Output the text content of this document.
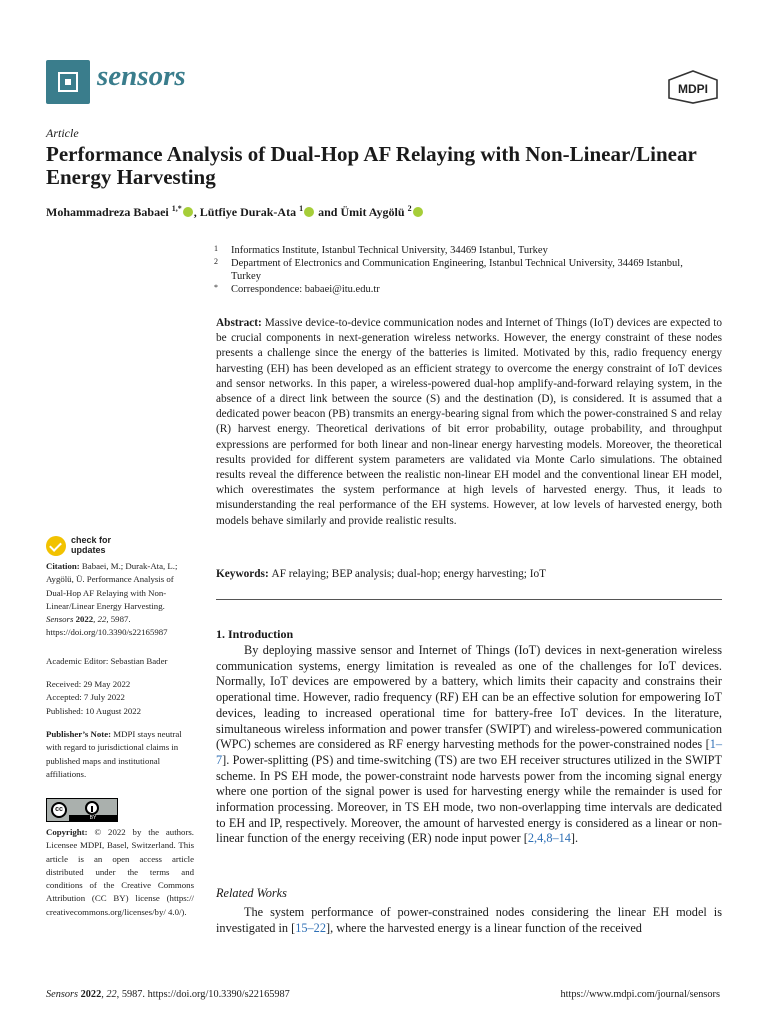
sensors	MDPI
Article
Performance Analysis of Dual-Hop AF Relaying with Non-Linear/Linear Energy Harvesting
Mohammadreza Babaei $^{1,*}$ , Lütfiye Durak-Ata $^1$ and Ümit Aygölü $^2$
1 Informatics Institute, Istanbul Technical University, 34469 Istanbul, Turkey
2 Department of Electronics and Communication Engineering, Istanbul Technical University, 34469 Istanbul, Turkey
* Correspondence: babaei@itu.edu.tr
Abstract: Massive device-to-device communication nodes and Internet of Things (IoT) devices are expected to be crucial components in next-generation wireless networks. However, the energy constraint of these nodes presents a challenge since the energy of the batteries is limited. Motivated by this, radio frequency energy harvesting (EH) has been developed as an efficient strategy to overcome the energy constraint of IoT devices and sensor networks. In this paper, a wireless-powered dual-hop amplify-and-forward relaying system, in the absence of a direct link between the source (S) and the destination (D), is considered. It is assumed that a dedicated power beacon (PB) transmits an energy-bearing signal from which the power-constrained S and relay (R) harvest energy. Theoretical derivations of bit error probability, outage probability, and throughput expressions are performed for both linear and non-linear energy harvesting models. Moreover, the theoretical results provided for different system parameters are validated via Monte Carlo simulations. The obtained results reveal the difference between the realistic non-linear EH model and the conventional linear EH model, which overestimates the system performance at high levels of harvested energy. Thus, it leads to misunderstanding the real performance of the EH systems. However, at low levels of harvested energy, both models behave similarly and provide realistic results.
Keywords: AF relaying; BEP analysis; dual-hop; energy harvesting; IoT
1. Introduction
By deploying massive sensor and Internet of Things (IoT) devices in next-generation wireless communication systems, energy limitation is revealed as one of the challenges for IoT devices. Normally, IoT devices are empowered by a battery, which limits their capacity and constrains their operational time. However, radio frequency (RF) EH can be an effective solution for empowering IoT devices, leading to increased operational time for battery-free IoT devices. In the literature, simultaneous wireless information and power transfer (SWIPT) and wireless-powered communication (WPC) schemes are considered as RF energy harvesting methods for the power-constrained nodes [1–7]. Power-splitting (PS) and time-switching (TS) are two EH receiver structures utilized in the SWIPT scheme. In PS EH mode, the power-constraint node harvests power from the incoming signal energy where one portion of the signal power is used for harvesting energy while the remainder is used for information processing. Moreover, in TS EH mode, two non-overlapping time intervals are dedicated to EH and IP, respectively. Moreover, the amount of harvested energy is considered as a linear or non-linear function of the energy receiving (ER) node input power [2,4,8–14].
Related Works
The system performance of power-constrained nodes considering the linear EH model is investigated in [15–22], where the harvested energy is a linear function of the received
check for
updates
Citation: Babaei, M.; Durak-Ata, L.; Aygölü, Ü. Performance Analysis of Dual-Hop AF Relaying with Non-Linear/Linear Energy Harvesting. Sensors 2022, 22, 5987. https://doi.org/10.3390/s22165987
Academic Editor: Sebastian Bader
Received: 29 May 2022
Accepted: 7 July 2022
Published: 10 August 2022
Publisher’s Note: MDPI stays neutral with regard to jurisdictional claims in published maps and institutional affiliations.
cc
BY
Copyright: © 2022 by the authors. Licensee MDPI, Basel, Switzerland. This article is an open access article distributed under the terms and conditions of the Creative Commons Attribution (CC BY) license (https:// creativecommons.org/licenses/by/ 4.0/).
Sensors 2022, 22, 5987. https://doi.org/10.3390/s22165987	https://www.mdpi.com/journal/sensors
